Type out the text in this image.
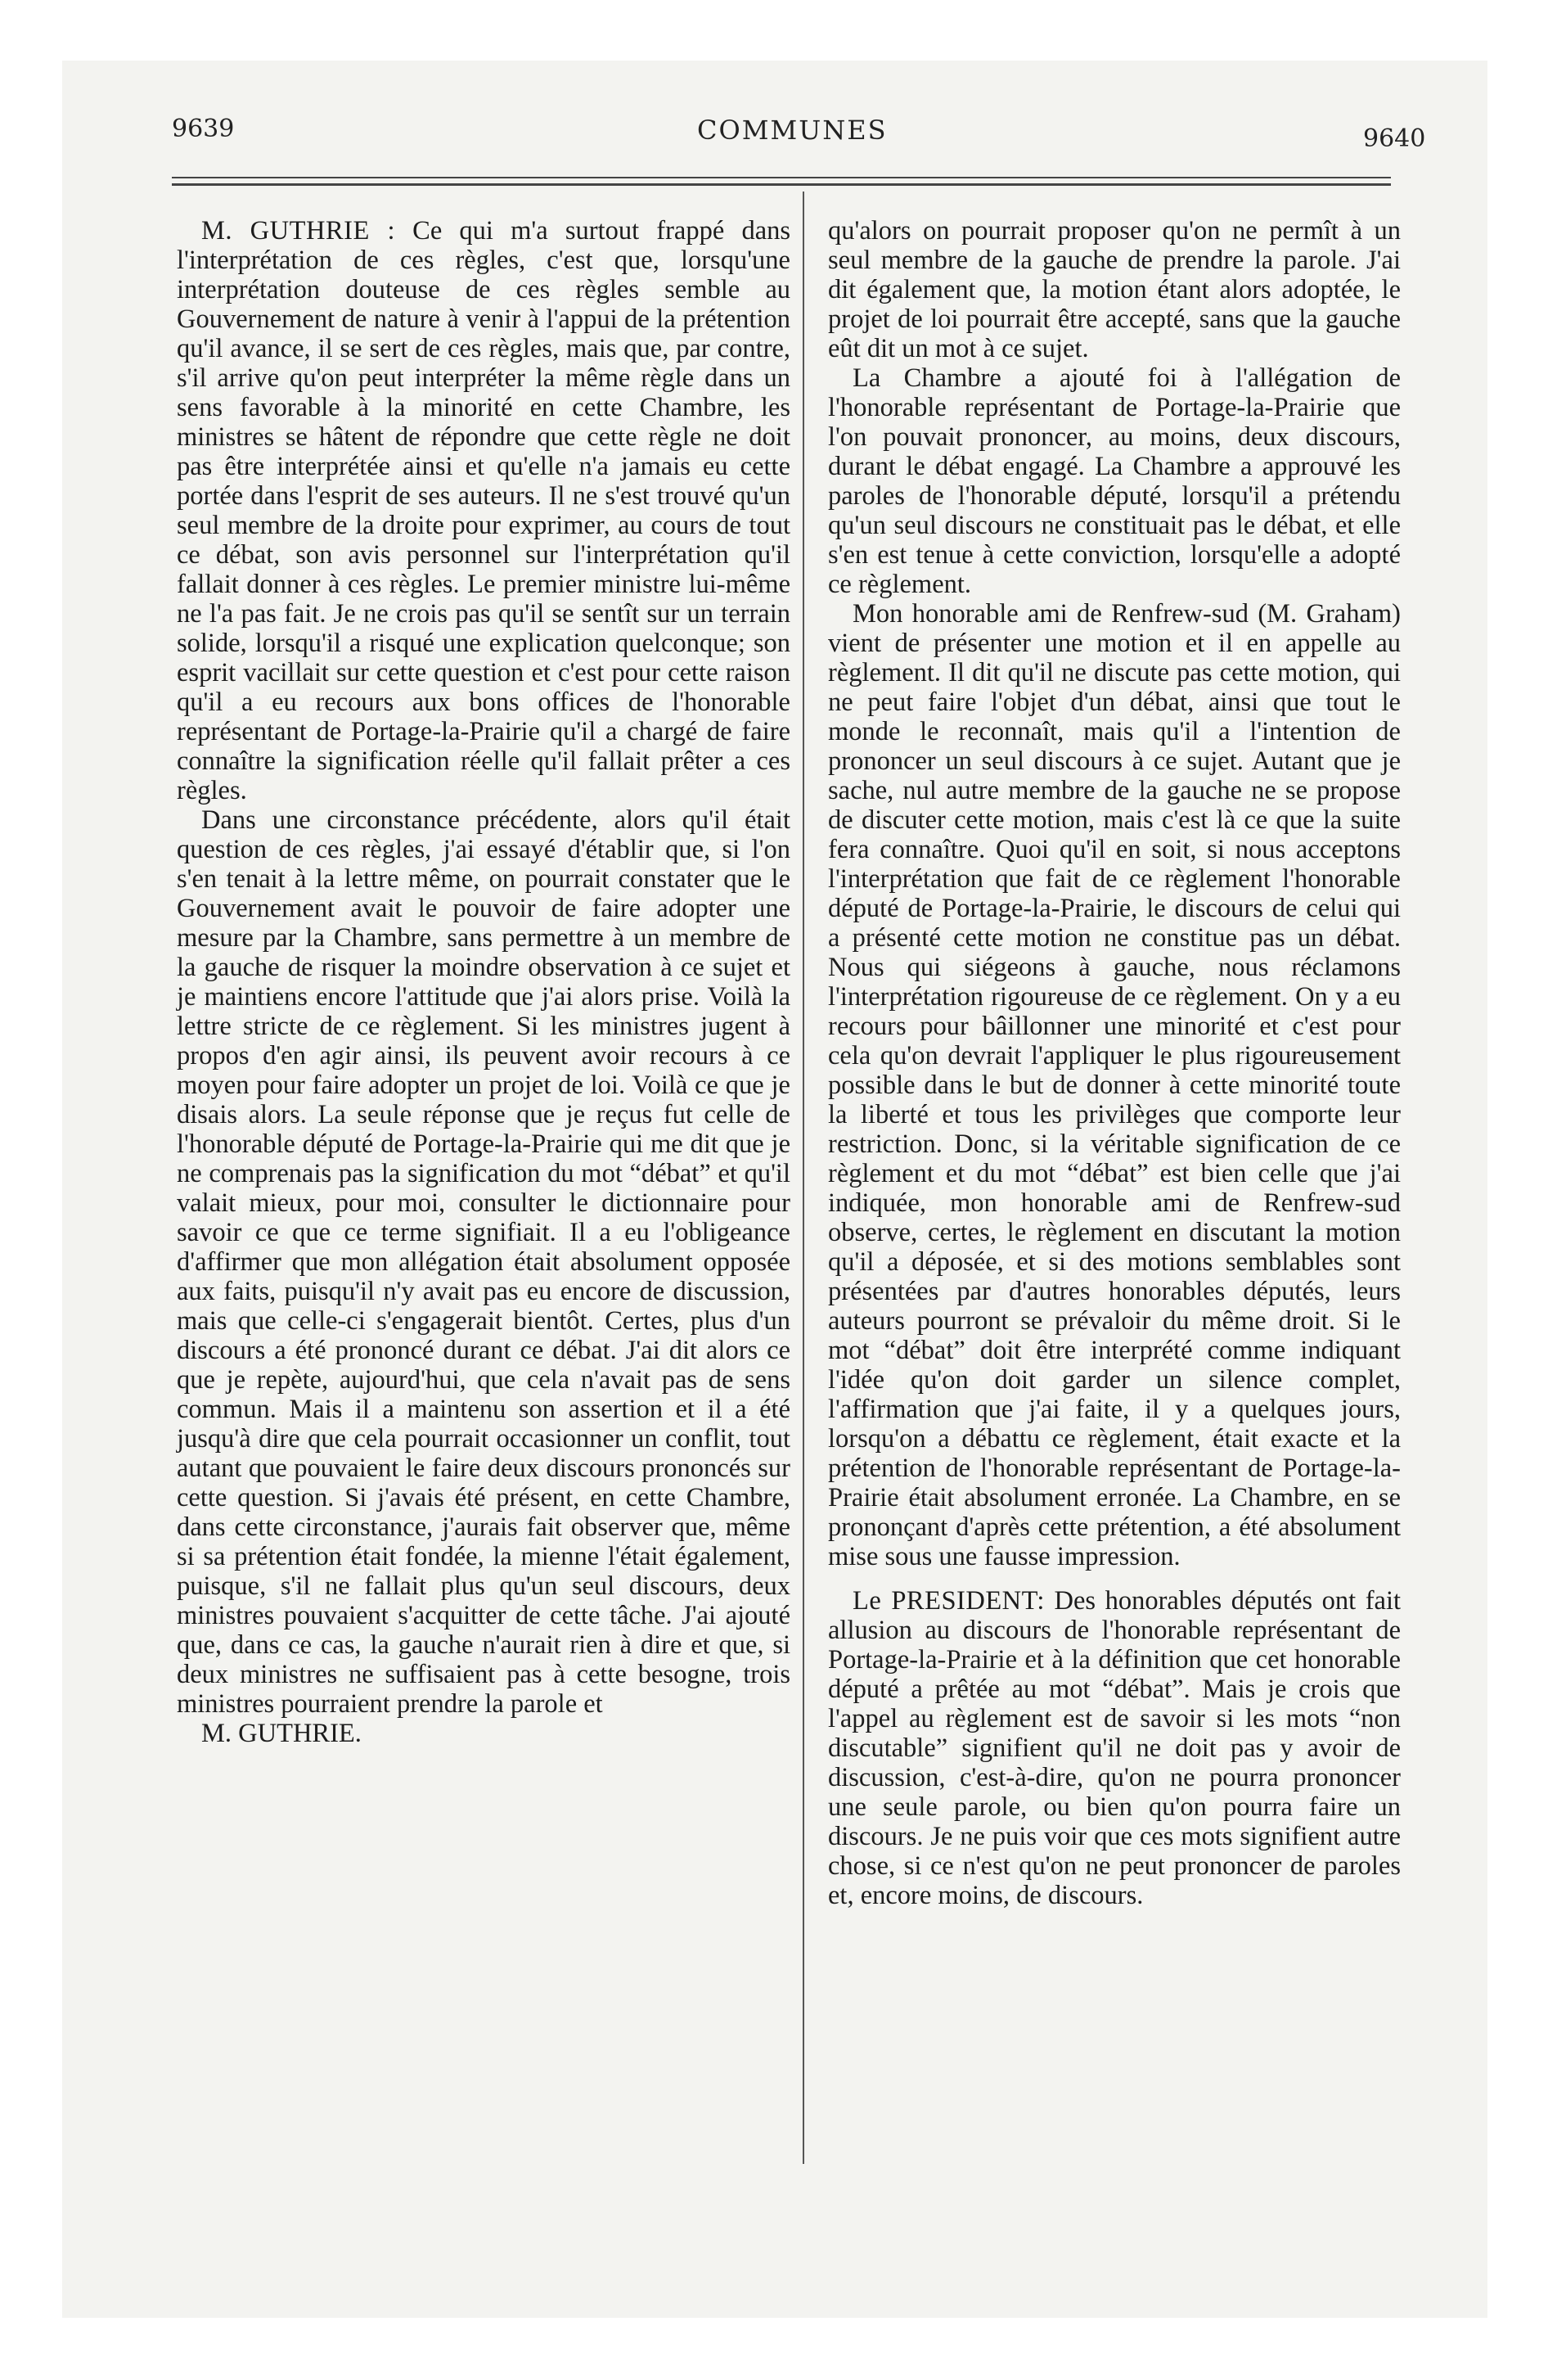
9639	COMMUNES	9640

M. GUTHRIE : Ce qui m'a surtout frappé dans l'interprétation de ces règles, c'est que, lorsqu'une interprétation douteuse de ces règles semble au Gouvernement de nature à venir à l'appui de la prétention qu'il avance, il se sert de ces règles, mais que, par contre, s'il arrive qu'on peut interpréter la même règle dans un sens favorable à la minorité en cette Chambre, les ministres se hâtent de répondre que cette règle ne doit pas être interprétée ainsi et qu'elle n'a jamais eu cette portée dans l'esprit de ses auteurs. Il ne s'est trouvé qu'un seul membre de la droite pour exprimer, au cours de tout ce débat, son avis personnel sur l'interprétation qu'il fallait donner à ces règles. Le premier ministre lui-même ne l'a pas fait. Je ne crois pas qu'il se sentît sur un terrain solide, lorsqu'il a risqué une explication quelconque; son esprit vacillait sur cette question et c'est pour cette raison qu'il a eu recours aux bons offices de l'honorable représentant de Portage-la-Prairie qu'il a chargé de faire connaître la signification réelle qu'il fallait prêter a ces règles.

Dans une circonstance précédente, alors qu'il était question de ces règles, j'ai essayé d'établir que, si l'on s'en tenait à la lettre même, on pourrait constater que le Gouvernement avait le pouvoir de faire adopter une mesure par la Chambre, sans permettre à un membre de la gauche de risquer la moindre observation à ce sujet et je maintiens encore l'attitude que j'ai alors prise. Voilà la lettre stricte de ce règlement. Si les ministres jugent à propos d'en agir ainsi, ils peuvent avoir recours à ce moyen pour faire adopter un projet de loi. Voilà ce que je disais alors. La seule réponse que je reçus fut celle de l'honorable député de Portage-la-Prairie qui me dit que je ne comprenais pas la signification du mot “débat” et qu'il valait mieux, pour moi, consulter le dictionnaire pour savoir ce que ce terme signifiait. Il a eu l'obligeance d'affirmer que mon allégation était absolument opposée aux faits, puisqu'il n'y avait pas eu encore de discussion, mais que celle-ci s'engagerait bientôt. Certes, plus d'un discours a été prononcé durant ce débat. J'ai dit alors ce que je repète, aujourd'hui, que cela n'avait pas de sens commun. Mais il a maintenu son assertion et il a été jusqu'à dire que cela pourrait occasionner un conflit, tout autant que pouvaient le faire deux discours prononcés sur cette question. Si j'avais été présent, en cette Chambre, dans cette circonstance, j'aurais fait observer que, même si sa prétention était fondée, la mienne l'était également, puisque, s'il ne fallait plus qu'un seul discours, deux ministres pouvaient s'acquitter de cette tâche. J'ai ajouté que, dans ce cas, la gauche n'aurait rien à dire et que, si deux ministres ne suffisaient pas à cette besogne, trois ministres pourraient prendre la parole et

M. GUTHRIE.

qu'alors on pourrait proposer qu'on ne permît à un seul membre de la gauche de prendre la parole. J'ai dit également que, la motion étant alors adoptée, le projet de loi pourrait être accepté, sans que la gauche eût dit un mot à ce sujet.

La Chambre a ajouté foi à l'allégation de l'honorable représentant de Portage-la-Prairie que l'on pouvait prononcer, au moins, deux discours, durant le débat engagé. La Chambre a approuvé les paroles de l'honorable député, lorsqu'il a prétendu qu'un seul discours ne constituait pas le débat, et elle s'en est tenue à cette conviction, lorsqu'elle a adopté ce règlement.

Mon honorable ami de Renfrew-sud (M. Graham) vient de présenter une motion et il en appelle au règlement. Il dit qu'il ne discute pas cette motion, qui ne peut faire l'objet d'un débat, ainsi que tout le monde le reconnaît, mais qu'il a l'intention de prononcer un seul discours à ce sujet. Autant que je sache, nul autre membre de la gauche ne se propose de discuter cette motion, mais c'est là ce que la suite fera connaître. Quoi qu'il en soit, si nous acceptons l'interprétation que fait de ce règlement l'honorable député de Portage-la-Prairie, le discours de celui qui a présenté cette motion ne constitue pas un débat. Nous qui siégeons à gauche, nous réclamons l'interprétation rigoureuse de ce règlement. On y a eu recours pour bâillonner une minorité et c'est pour cela qu'on devrait l'appliquer le plus rigoureusement possible dans le but de donner à cette minorité toute la liberté et tous les privilèges que comporte leur restriction. Donc, si la véritable signification de ce règlement et du mot “débat” est bien celle que j'ai indiquée, mon honorable ami de Renfrew-sud observe, certes, le règlement en discutant la motion qu'il a déposée, et si des motions semblables sont présentées par d'autres honorables députés, leurs auteurs pourront se prévaloir du même droit. Si le mot “débat” doit être interprété comme indiquant l'idée qu'on doit garder un silence complet, l'affirmation que j'ai faite, il y a quelques jours, lorsqu'on a débattu ce règlement, était exacte et la prétention de l'honorable représentant de Portage-la-Prairie était absolument erronée. La Chambre, en se prononçant d'après cette prétention, a été absolument mise sous une fausse impression.

Le PRESIDENT: Des honorables députés ont fait allusion au discours de l'honorable représentant de Portage-la-Prairie et à la définition que cet honorable député a prêtée au mot “débat”. Mais je crois que l'appel au règlement est de savoir si les mots “non discutable” signifient qu'il ne doit pas y avoir de discussion, c'est-à-dire, qu'on ne pourra prononcer une seule parole, ou bien qu'on pourra faire un discours. Je ne puis voir que ces mots signifient autre chose, si ce n'est qu'on ne peut prononcer de paroles et, encore moins, de discours.
